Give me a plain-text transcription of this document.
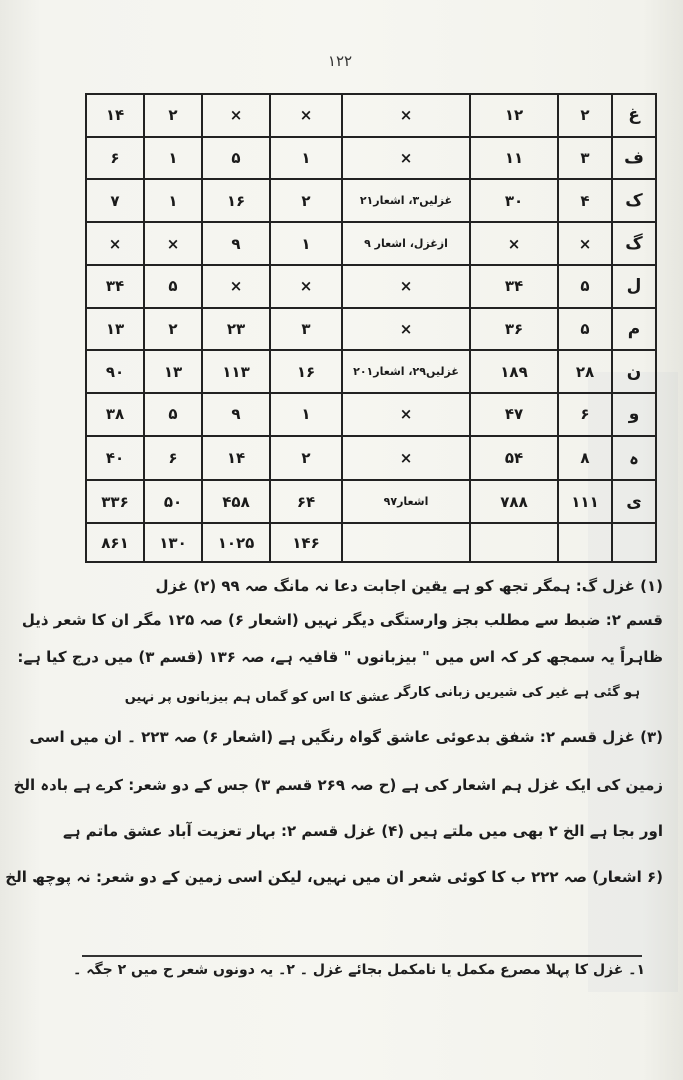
۱۲۲
غ	۲	۱۲	×	×	×	۲	۱۴
ف	۳	۱۱	×	۱	۵	۱	۶
ک	۴	۳۰	غزلیں۳، اشعار۲۱	۲	۱۶	۱	۷
گ	×	×	ازغزل، اشعار ۹	۱	۹	×	×
ل	۵	۳۴	×	×	×	۵	۳۴
م	۵	۳۶	×	۳	۲۳	۲	۱۳
ن	۲۸	۱۸۹	غزلیں۲۹، اشعار۲۰۱	۱۶	۱۱۳	۱۳	۹۰
و	۶	۴۷	×	۱	۹	۵	۳۸
ہ	۸	۵۴	×	۲	۱۴	۶	۴۰
ی	۱۱۱	۷۸۸	اشعار۹۷	۶۴	۴۵۸	۵۰	۳۳۶
				۱۴۶	۱۰۲۵	۱۳۰	۸۶۱
(۱) غزل گ: ہمگر تجھ کو ہے یقین اجابت دعا نہ مانگ صہ ۹۹ (۲) غزل
قسم ۲: ضبط سے مطلب بجز وارستگی دیگر نہیں (اشعار ۶) صہ ۱۲۵ مگر ان کا شعر ذیل
ظاہراً یہ سمجھ کر کہ اس میں " بیزبانوں " قافیہ ہے، صہ ۱۳۶ (قسم ۳) میں درج کیا ہے:
ہو گئی ہے غیر کی شیریں زبانی کارگر
عشق کا اس کو گماں ہم بیزبانوں پر نہیں
(۳) غزل قسم ۲: شفق بدعوئی عاشق گواہ رنگیں ہے (اشعار ۶) صہ ۲۲۳ ۔ ان میں اسی
زمین کی ایک غزل ہم اشعار کی ہے (ح صہ ۲۶۹ قسم ۳) جس کے دو شعر: کرے ہے بادہ الخ
اور بجا ہے الخ ۲ بھی میں ملتے ہیں (۴) غزل قسم ۲: بہار تعزیت آباد عشق ماتم ہے
(۶ اشعار) صہ ۲۲۲ ب کا کوئی شعر ان میں نہیں، لیکن اسی زمین کے دو شعر: نہ پوچھ الخ
۱۔ غزل کا پہلا مصرع مکمل یا نامکمل بجائے غزل ۔ ۲۔ یہ دونوں شعر ح میں ۲ جگہ ۔
